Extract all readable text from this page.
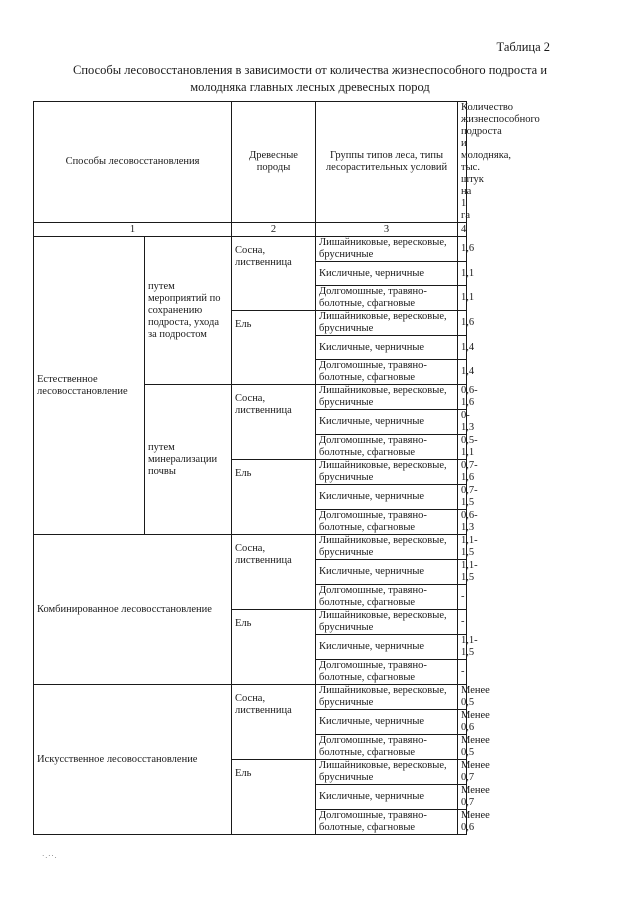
Таблица 2
Способы лесовосстановления в зависимости от количества жизнеспособного подроста и
молодняка главных лесных древесных пород
Способы лесовосстановления		Древесные породы	Группы типов леса, типы лесорастительных условий	Количество жизнеспособного подроста и молодняка, тыс. штук на 1 га
1		2	3	4
Естественное лесовосстановление	путем мероприятий по сохранению подроста, ухода за подростом	Сосна, лиственница	Лишайниковые, вересковые, брусничные	1,6
			Кисличные, черничные	1,1
			Долгомошные, травяно-болотные, сфагновые	1,1
		Ель	Лишайниковые, вересковые, брусничные	1,6
			Кисличные, черничные	1,4
			Долгомошные, травяно-болотные, сфагновые	1,4
	путем минерализации почвы	Сосна, лиственница	Лишайниковые, вересковые, брусничные	0,6-1,6
			Кисличные, черничные	0-1,3
			Долгомошные, травяно-болотные, сфагновые	0,5-1,1
		Ель	Лишайниковые, вересковые, брусничные	0,7-1,6
			Кисличные, черничные	0,7-1,5
			Долгомошные, травяно-болотные, сфагновые	0,6-1,3
Комбинированное лесовосстановление		Сосна, лиственница	Лишайниковые, вересковые, брусничные	1,1-1,5
			Кисличные, черничные	1,1-1,5
			Долгомошные, травяно-болотные, сфагновые	-
		Ель	Лишайниковые, вересковые, брусничные	-
			Кисличные, черничные	1,1-1,5
			Долгомошные, травяно-болотные, сфагновые	-
Искусственное лесовосстановление		Сосна, лиственница	Лишайниковые, вересковые, брусничные	Менее 0,5
			Кисличные, черничные	Менее 0,6
			Долгомошные, травяно-болотные, сфагновые	Менее 0,5
		Ель	Лишайниковые, вересковые, брусничные	Менее 0,7
			Кисличные, черничные	Менее 0,7
			Долгомошные, травяно-болотные, сфагновые	Менее 0,6
·.··.
